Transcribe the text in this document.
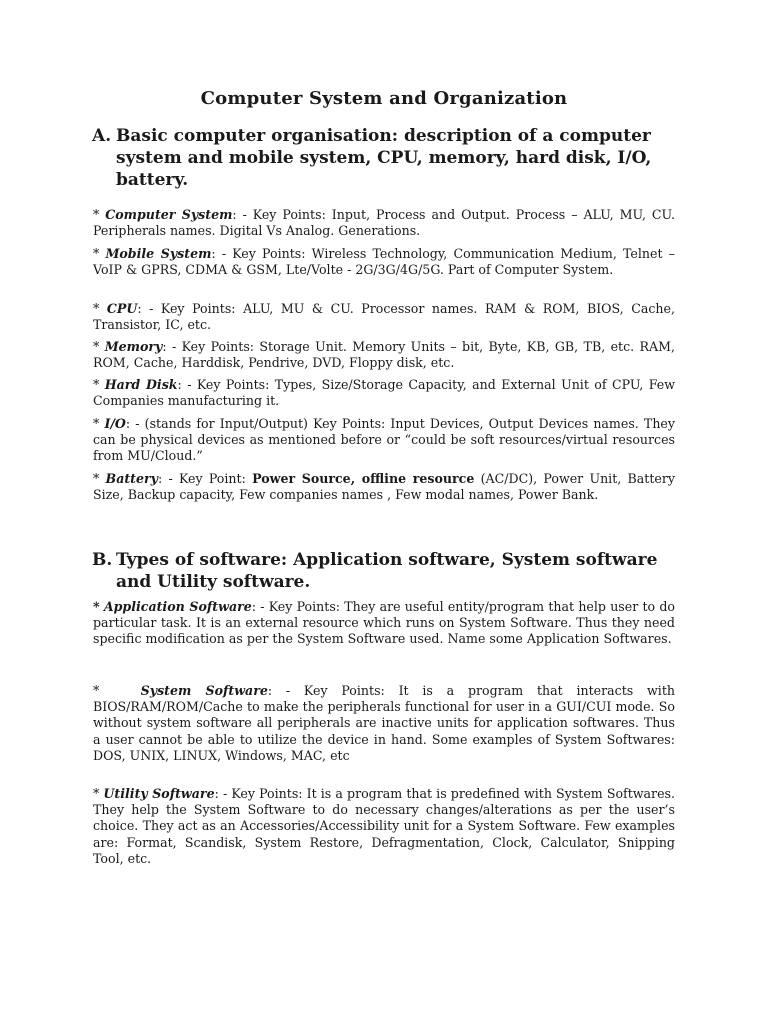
Computer System and Organization
A. Basic computer organisation: description of a computer system and mobile system, CPU, memory, hard disk, I/O, battery.
* Computer System: - Key Points: Input, Process and Output. Process – ALU, MU, CU. Peripherals names. Digital Vs Analog. Generations.
* Mobile System: - Key Points: Wireless Technology, Communication Medium, Telnet –VoIP & GPRS, CDMA & GSM, Lte/Volte - 2G/3G/4G/5G. Part of Computer System.
* CPU: - Key Points: ALU, MU & CU. Processor names. RAM & ROM, BIOS, Cache, Transistor, IC, etc.
* Memory: - Key Points: Storage Unit. Memory Units – bit, Byte, KB, GB, TB, etc. RAM, ROM, Cache, Harddisk, Pendrive, DVD, Floppy disk, etc.
* Hard Disk: - Key Points: Types, Size/Storage Capacity, and External Unit of CPU, Few Companies manufacturing it.
* I/O: - (stands for Input/Output) Key Points: Input Devices, Output Devices names. They can be physical devices as mentioned before or “could be soft resources/virtual resources from MU/Cloud.”
* Battery: - Key Point: Power Source, offline resource (AC/DC), Power Unit, Battery Size, Backup capacity, Few companies names , Few modal names, Power Bank.
B. Types of software: Application software, System software and Utility software.
* Application Software: - Key Points: They are useful entity/program that help user to do particular task. It is an external resource which runs on System Software. Thus they need specific modification as per the System Software used. Name some Application Softwares.
*	System Software: - Key Points: It is a program that interacts with BIOS/RAM/ROM/Cache to make the peripherals functional for user in a GUI/CUI mode. So without system software all peripherals are inactive units for application softwares. Thus a user cannot be able to utilize the device in hand. Some examples of System Softwares: DOS, UNIX, LINUX, Windows, MAC, etc
* Utility Software: - Key Points: It is a program that is predefined with System Softwares. They help the System Software to do necessary changes/alterations as per the user’s choice. They act as an Accessories/Accessibility unit for a System Software. Few examples are: Format, Scandisk, System Restore, Defragmentation, Clock, Calculator, Snipping Tool, etc.
